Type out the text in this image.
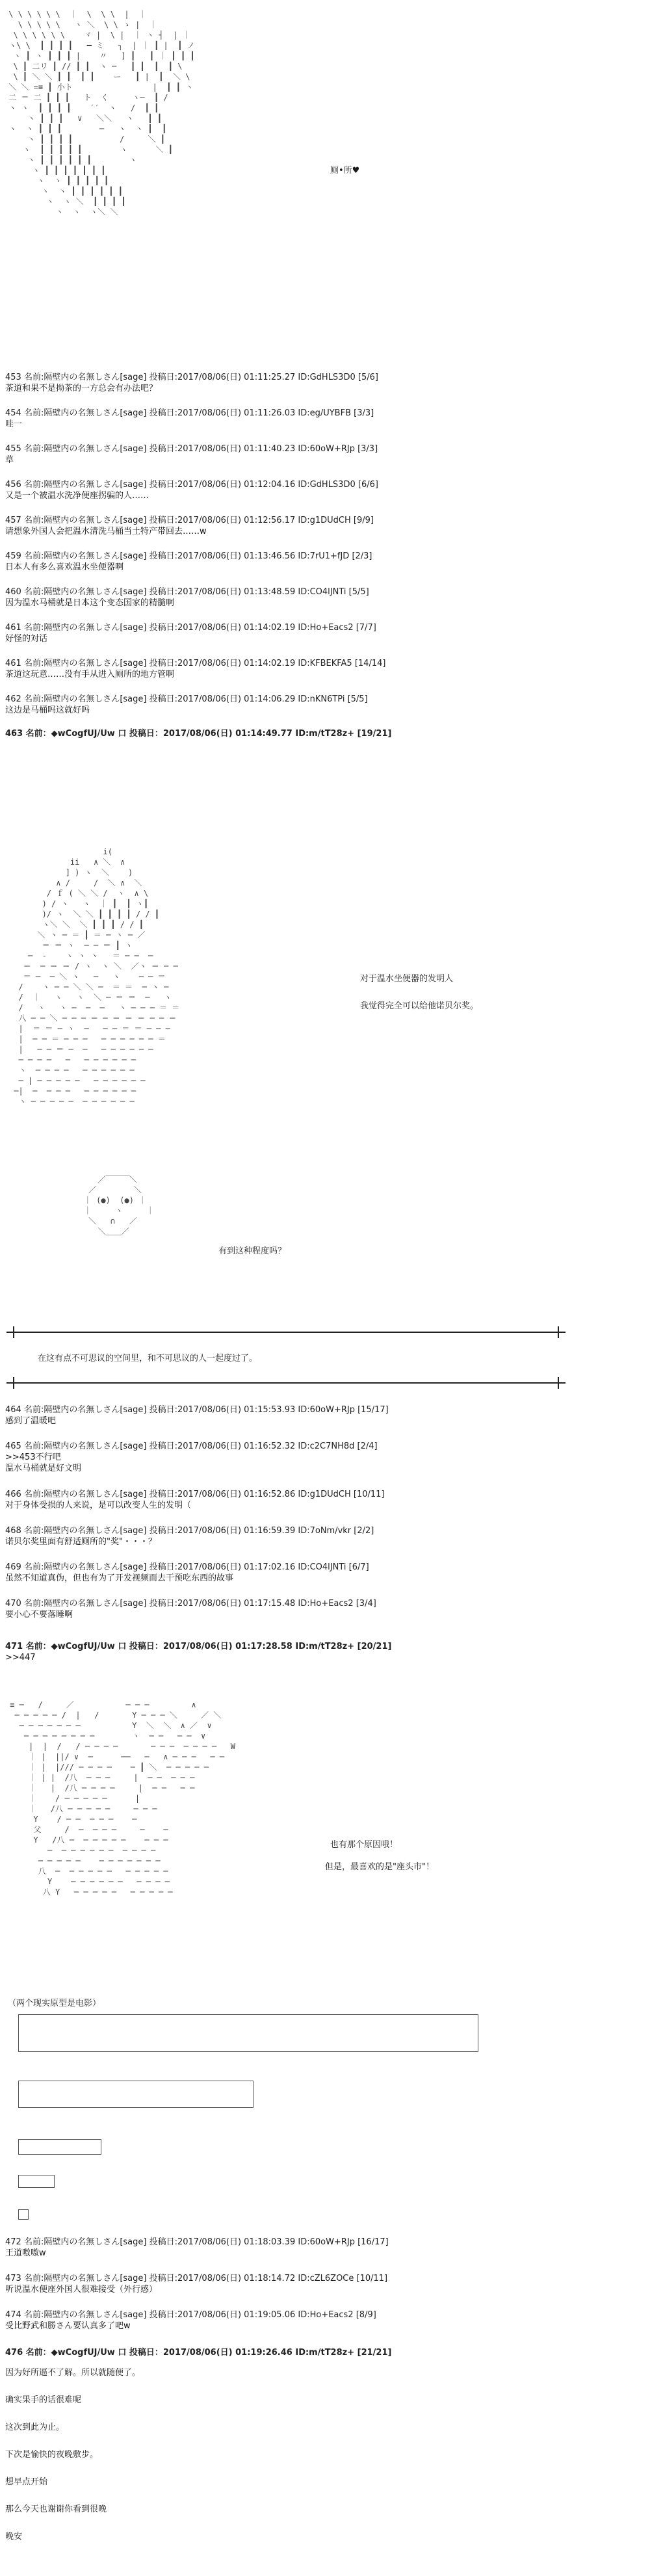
\ \ \ \ \ \  ｜  \  \ \  |  ｜
\ \ \ \ \   ヽ ＼  \ \ ゝ |  ｜
\ \ \ \ \ \    ヾ |  \ |  ｜ ヽ ┤  | ｜
ヽ\ \  ┃ ┃ ┃ ┃   ━ ミ   ┐  | ｜ ┃ |  ┃ ノ
ヽ ┃ ヽ ┃ ┃ ┃ |    〃   ] ┃   ┃ ｜ ┃ ┃ ┃
\ ┃ 二リ ┃ // ┃ ┃  ヽ ─   ┃ ┃  ┃  ┃ \
\ ┃ ＼ ＼ ┃ ┃  ┃ ┃    ー   ┃ |  ┃  ＼ \
＼ ＼ =≡ ┃ 小ト                 |  ┃ ┃ ヽ
二 ＝ 二 ┃ ┃ ┃   ト  く     ヽ─  ┃ /
ヽ ヽ  ┃ ┃ ┃ ┃    ′′  ヽ   /  ┃ ┃
ヽ ┃ ┃ ┃   ∨   ＼＼   ヽ   ┃ ┃
ヽ  ヽ ┃ ┃ ┃        ─   ヽ  ヽ ┃  ┃
ヽ ┃ ┃ ┃ ┃          /     ＼ ┃
ヽ  ┃ ┃ ┃ ┃ ┃        ヽ      ＼ ┃
ヽ ┃ ┃ ┃ ┃ ┃ ┃        ヽ
ヽ ┃ ┃ ┃ ┃ ┃ ┃ ┃
ヽ  ヽ ┃ ┃ ┃ ┃ ┃
ヽ  ヽ ┃ ┃ ┃ ┃ ┃ ┃
ヽ  ヽ ＼  ┃ ┃ ┃ ┃
ヽ  ヽ  ヽ＼ ＼
厕•所♥
453 名前:隔壁内の名無しさん[sage] 投稿日:2017/08/06(日) 01:11:25.27 ID:GdHLS3D0 [5/6]
茶道和果不是拗茶的一方总会有办法吧？
454 名前:隔壁内の名無しさん[sage] 投稿日:2017/08/06(日) 01:11:26.03 ID:eg/UYBFB [3/3]
哇一
455 名前:隔壁内の名無しさん[sage] 投稿日:2017/08/06(日) 01:11:40.23 ID:60oW+RJp [3/3]
草
456 名前:隔壁内の名無しさん[sage] 投稿日:2017/08/06(日) 01:12:04.16 ID:GdHLS3D0 [6/6]
又是一个被温水洗净便座拐骗的人……
457 名前:隔壁内の名無しさん[sage] 投稿日:2017/08/06(日) 01:12:56.17 ID:g1DUdCH [9/9]
请想象外国人会把温水清洗马桶当土特产带回去……w
459 名前:隔壁内の名無しさん[sage] 投稿日:2017/08/06(日) 01:13:46.56 ID:7rU1+fJD [2/3]
日本人有多么喜欢温水坐便器啊
460 名前:隔壁内の名無しさん[sage] 投稿日:2017/08/06(日) 01:13:48.59 ID:CO4lJNTi [5/5]
因为温水马桶就是日本这个变态国家的精髓啊
461 名前:隔壁内の名無しさん[sage] 投稿日:2017/08/06(日) 01:14:02.19 ID:Ho+Eacs2 [7/7]
好怪的対话
461 名前:隔壁内の名無しさん[sage] 投稿日:2017/08/06(日) 01:14:02.19 ID:KFBEKFA5 [14/14]
茶道这玩意……没有手从进入厕所的地方管啊
462 名前:隔壁内の名無しさん[sage] 投稿日:2017/08/06(日) 01:14:06.29 ID:nKN6TPi [5/5]
这边是马桶吗这就好吗
463 名前：◆wCogfUJ/Uw 口 投稿日：2017/08/06(日) 01:14:49.77 ID:m/tT28z+ [19/21]
i(
ii   ∧ ＼  ∧
] ) ヽ  ＼    )
∧ /     /  ＼ ∧  ＼
/ ｆ ( ＼ ＼ /  ヽ  ∧ \
) / ヽ   ヽ  ｜ ┃  ┃ ヽ┃
)/ ヽ  ＼ ＼ ┃ ┃ ┃ ┃ / / ┃
ヽ＼ ＼  ＼ ┃ ┃ ┃ / / ┃
＼ ヽ ─ ＝ ┃ ＝ ─ ヽ ─ ／
＝ ＝ ヽ  ─ ─ ＝ ┃ ヽ
─  -    ヽ ヽ ヽ   ＝ ─ ─  ─
＝  ─ ＝ ＝ / ヽ  ヽ ＼  ／ヽ ＝ ─ ─
＝ ─  ─ ＼ ヽ   ─   ヽ    ─ ─ ＝
/    ヽ ─ ─ ＼ ＼ ─  ＝ ＝  ─ ヽ ─
/  ｜   ヽ   ヽ  ＼ ─ ＝ ＝  ─   ヽ
/   ヽ   ヽ ─  ─  ─   ヽ ─ ─ ─ ＝ ＝
八 ─ ─ ＼ ─ ─ ─ ＝ ─ ＝ ＝ ＝ ─ ─ ＝
|  ＝ ＝ ─ ヽ  ─   ─ ─ ＝ ＝ ─ ─ ─
|  ─ ─ ＝ ─ ─ ─   ─ ─ ─ ─ ─ ─ ＝
|   ─ ─ ＝ ─  ─   ─ ─ ─ ─ ─ ─
─ ─ ─ ─   ─   ─ ─ ─ ─ ─ ─
ヽ  ─ ─ ─ ─   ─ ─ ─ ─ ─ ─
─ | ─ ─ ─ ─ ─   ─ ─ ─ ─ ─ ─
─|  ─  ─ ─ ─   ─ ─ ─ ─ ─ ─
ヽ ─ ─ ─ ─ ─  ─ ─ ─ ─ ─ ─
对于温水坐便器的发明人
我觉得完全可以给他诺贝尔奖。
／￣￣￣＼
／        ＼
｜ (●)  (●) ｜
｜     ヽ     ｜
＼   ∩   ／
＼＿＿／
有到这种程度吗？
在这有点不可思议的空间里，和不可思议的人一起度过了。
464 名前:隔壁内の名無しさん[sage] 投稿日:2017/08/06(日) 01:15:53.93 ID:60oW+RJp [15/17]
感到了温暖吧
465 名前:隔壁内の名無しさん[sage] 投稿日:2017/08/06(日) 01:16:52.32 ID:c2C7NH8d [2/4]
>>453不行吧
温水马桶就是好文明
466 名前:隔壁内の名無しさん[sage] 投稿日:2017/08/06(日) 01:16:52.86 ID:g1DUdCH [10/11]
对于身体受损的人来说，是可以改变人生的发明（
468 名前:隔壁内の名無しさん[sage] 投稿日:2017/08/06(日) 01:16:59.39 ID:7oNm/vkr [2/2]
诺贝尔奖里面有舒适厕所的"奖"・・・？
469 名前:隔壁内の名無しさん[sage] 投稿日:2017/08/06(日) 01:17:02.16 ID:CO4lJNTi [6/7]
虽然不知道真伪，但也有为了开发视频而去干预吃东西的故事
470 名前:隔壁内の名無しさん[sage] 投稿日:2017/08/06(日) 01:17:15.48 ID:Ho+Eacs2 [3/4]
要小心不要落睡啊
471 名前：◆wCogfUJ/Uw 口 投稿日：2017/08/06(日) 01:17:28.58 ID:m/tT28z+ [20/21]
>>447
≡ ─   /     ／           ─ ─ ─         ∧
─ ─ ─ ─ ─ /  |   /       Y ─ ─ ─ ＼     ／ ＼
─ ─ ─ ─ ─ ─ ─           Y  ＼  ＼  ∧ ／  ∨
─ ─ ─ ─ ─ ─ ─ ─        ヽ  ─ ─   ─ ─  ∨
|  |  /   / ─ ─ ─ ─       ─ ─ ─  ─ ─ ─ ─   W
｜ |  ||/ ∨  ─      ──   ─   ∧ ─ ─ ─   ─ ─
｜ |  |/// ─ ─ ─ ─    ─ ┃ ＼  ─ ─ ─ ─ ─
｜ | |  /八  ─ ─ ─     |  ─ ─  ─ ─ ─
｜   |  /八 ─ ─ ─ ─     |  ─ ─   ─ ─
｜    / ─ ─ ─ ─ ─      |
｜   /八 ─ ─ ─ ─ ─     ─ ─ ─
Y    / ─ ─  ─ ─ ─    ─
父     /  ─  ─ ─ ─     ─    ─
Y   /八 ─  ─ ─ ─ ─ ─    ─ ─ ─
─  ─ ─ ─ ─ ─ ─  ─ ─ ─ ─
─ ─ ─ ─ ─    ─ ─ ─ ─ ─ ─ ─
八  ─  ─ ─ ─ ─ ─   ─ ─ ─ ─ ─
Y    ─ ─ ─ ─ ─ ─   ─ ─ ─ ─
八 Y   ─ ─ ─ ─ ─   ─ ─ ─ ─ ─
也有那个原因哦！
但是，最喜欢的是"座头市"！
（两个现实原型是电影）
472 名前:隔壁内の名無しさん[sage] 投稿日:2017/08/06(日) 01:18:03.39 ID:60oW+RJp [16/17]
王道嗷嗷w
473 名前:隔壁内の名無しさん[sage] 投稿日:2017/08/06(日) 01:18:14.72 ID:cZL6ZOCe [10/11]
听说温水便座外国人很难接受（外行感）
474 名前:隔壁内の名無しさん[sage] 投稿日:2017/08/06(日) 01:19:05.06 ID:Ho+Eacs2 [8/9]
受比野武和勝さん要认真多了吧w
476 名前：◆wCogfUJ/Uw 口 投稿日：2017/08/06(日) 01:19:26.46 ID:m/tT28z+ [21/21]
因为好所逼不了解。所以就随便了。
确实果手的话很难呢
这次到此为止。
下次是愉快的夜晚敷步。
想早点开始
那么今天也谢谢你看到很晚
晚安
